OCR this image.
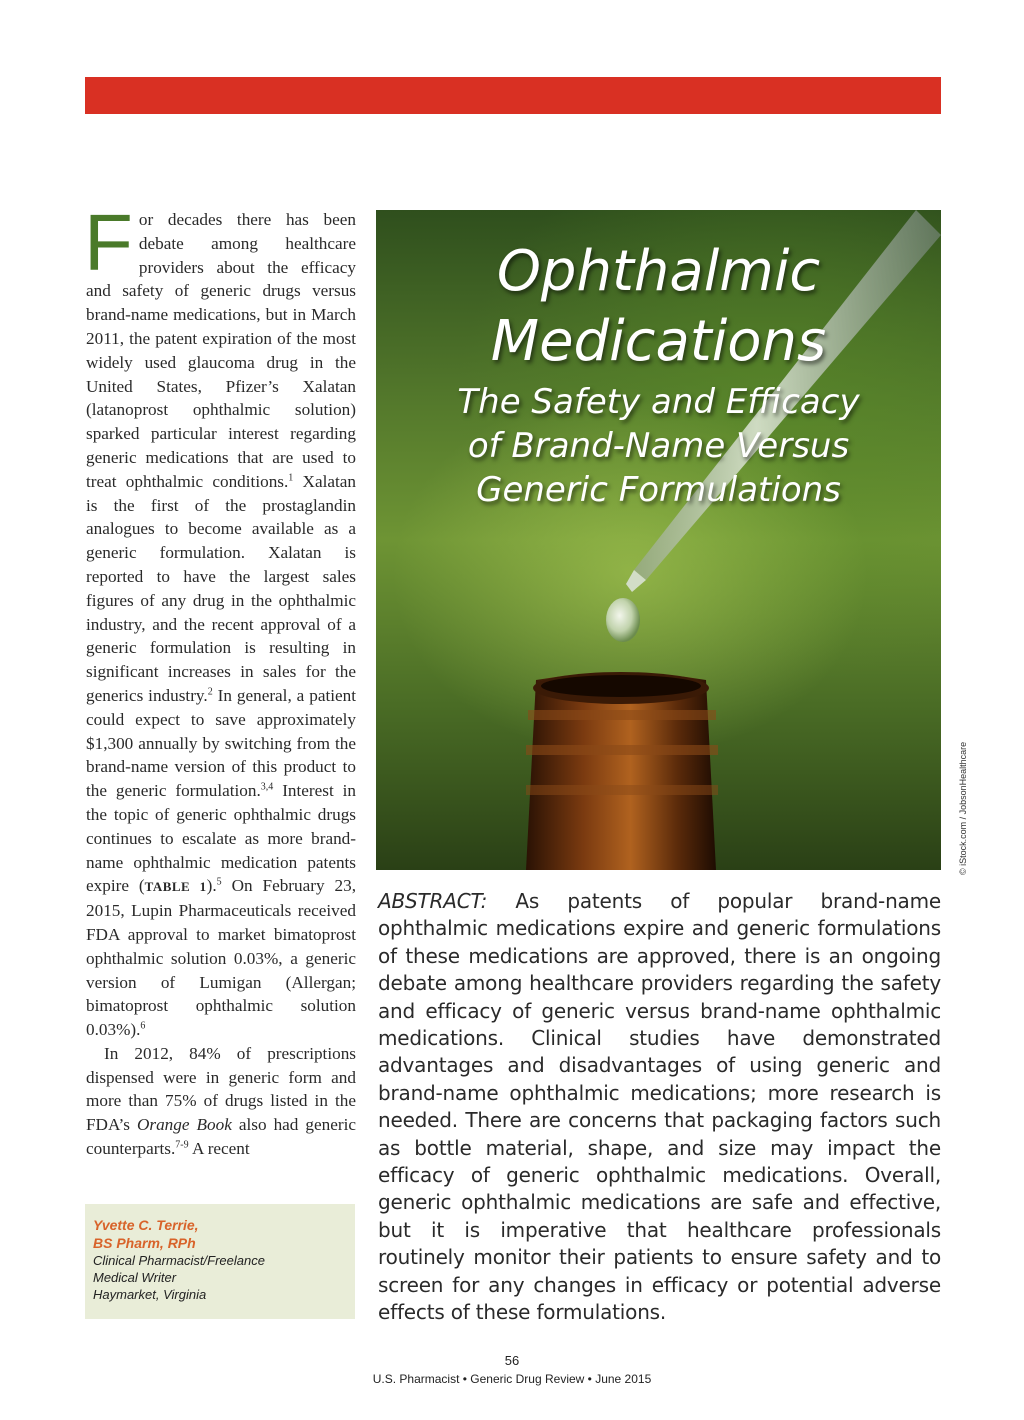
For decades there has been debate among healthcare providers about the efficacy and safety of generic drugs versus brand-name medications, but in March 2011, the patent expiration of the most widely used glaucoma drug in the United States, Pfizer’s Xalatan (latanoprost ophthalmic solution) sparked particular interest regarding generic medications that are used to treat ophthalmic conditions.$^1$ Xalatan is the first of the prostaglandin analogues to become available as a generic formulation. Xalatan is reported to have the largest sales figures of any drug in the ophthalmic industry, and the recent approval of a generic formulation is resulting in significant increases in sales for the generics industry.$^2$ In general, a patient could expect to save approximately $1,300 annually by switching from the brand-name version of this product to the generic formulation.$^{3,4}$ Interest in the topic of generic ophthalmic drugs continues to escalate as more brand-name ophthalmic medication patents expire (TABLE 1).$^5$ On February 23, 2015, Lupin Pharmaceuticals received FDA approval to market bimatoprost ophthalmic solution 0.03%, a generic version of Lumigan (Allergan; bimatoprost ophthalmic solution 0.03%).$^6$

In 2012, 84% of prescriptions dispensed were in generic form and more than 75% of drugs listed in the FDA’s Orange Book also had generic counterparts.$^{7-9}$ A recent

Yvette C. Terrie,
BS Pharm, RPh
Clinical Pharmacist/Freelance
Medical Writer
Haymarket, Virginia
Ophthalmic
Medications
The Safety and Efficacy
of Brand-Name Versus
Generic Formulations
© iStock.com / JobsonHealthcare
ABSTRACT: As patents of popular brand-name ophthalmic medications expire and generic formulations of these medications are approved, there is an ongoing debate among healthcare providers regarding the safety and efficacy of generic versus brand-name ophthalmic medications. Clinical studies have demonstrated advantages and disadvantages of using generic and brand-name ophthalmic medications; more research is needed. There are concerns that packaging factors such as bottle material, shape, and size may impact the efficacy of generic ophthalmic medications. Overall, generic ophthalmic medications are safe and effective, but it is imperative that healthcare professionals routinely monitor their patients to ensure safety and to screen for any changes in efficacy or potential adverse effects of these formulations.
56
U.S. Pharmacist • Generic Drug Review • June 2015
